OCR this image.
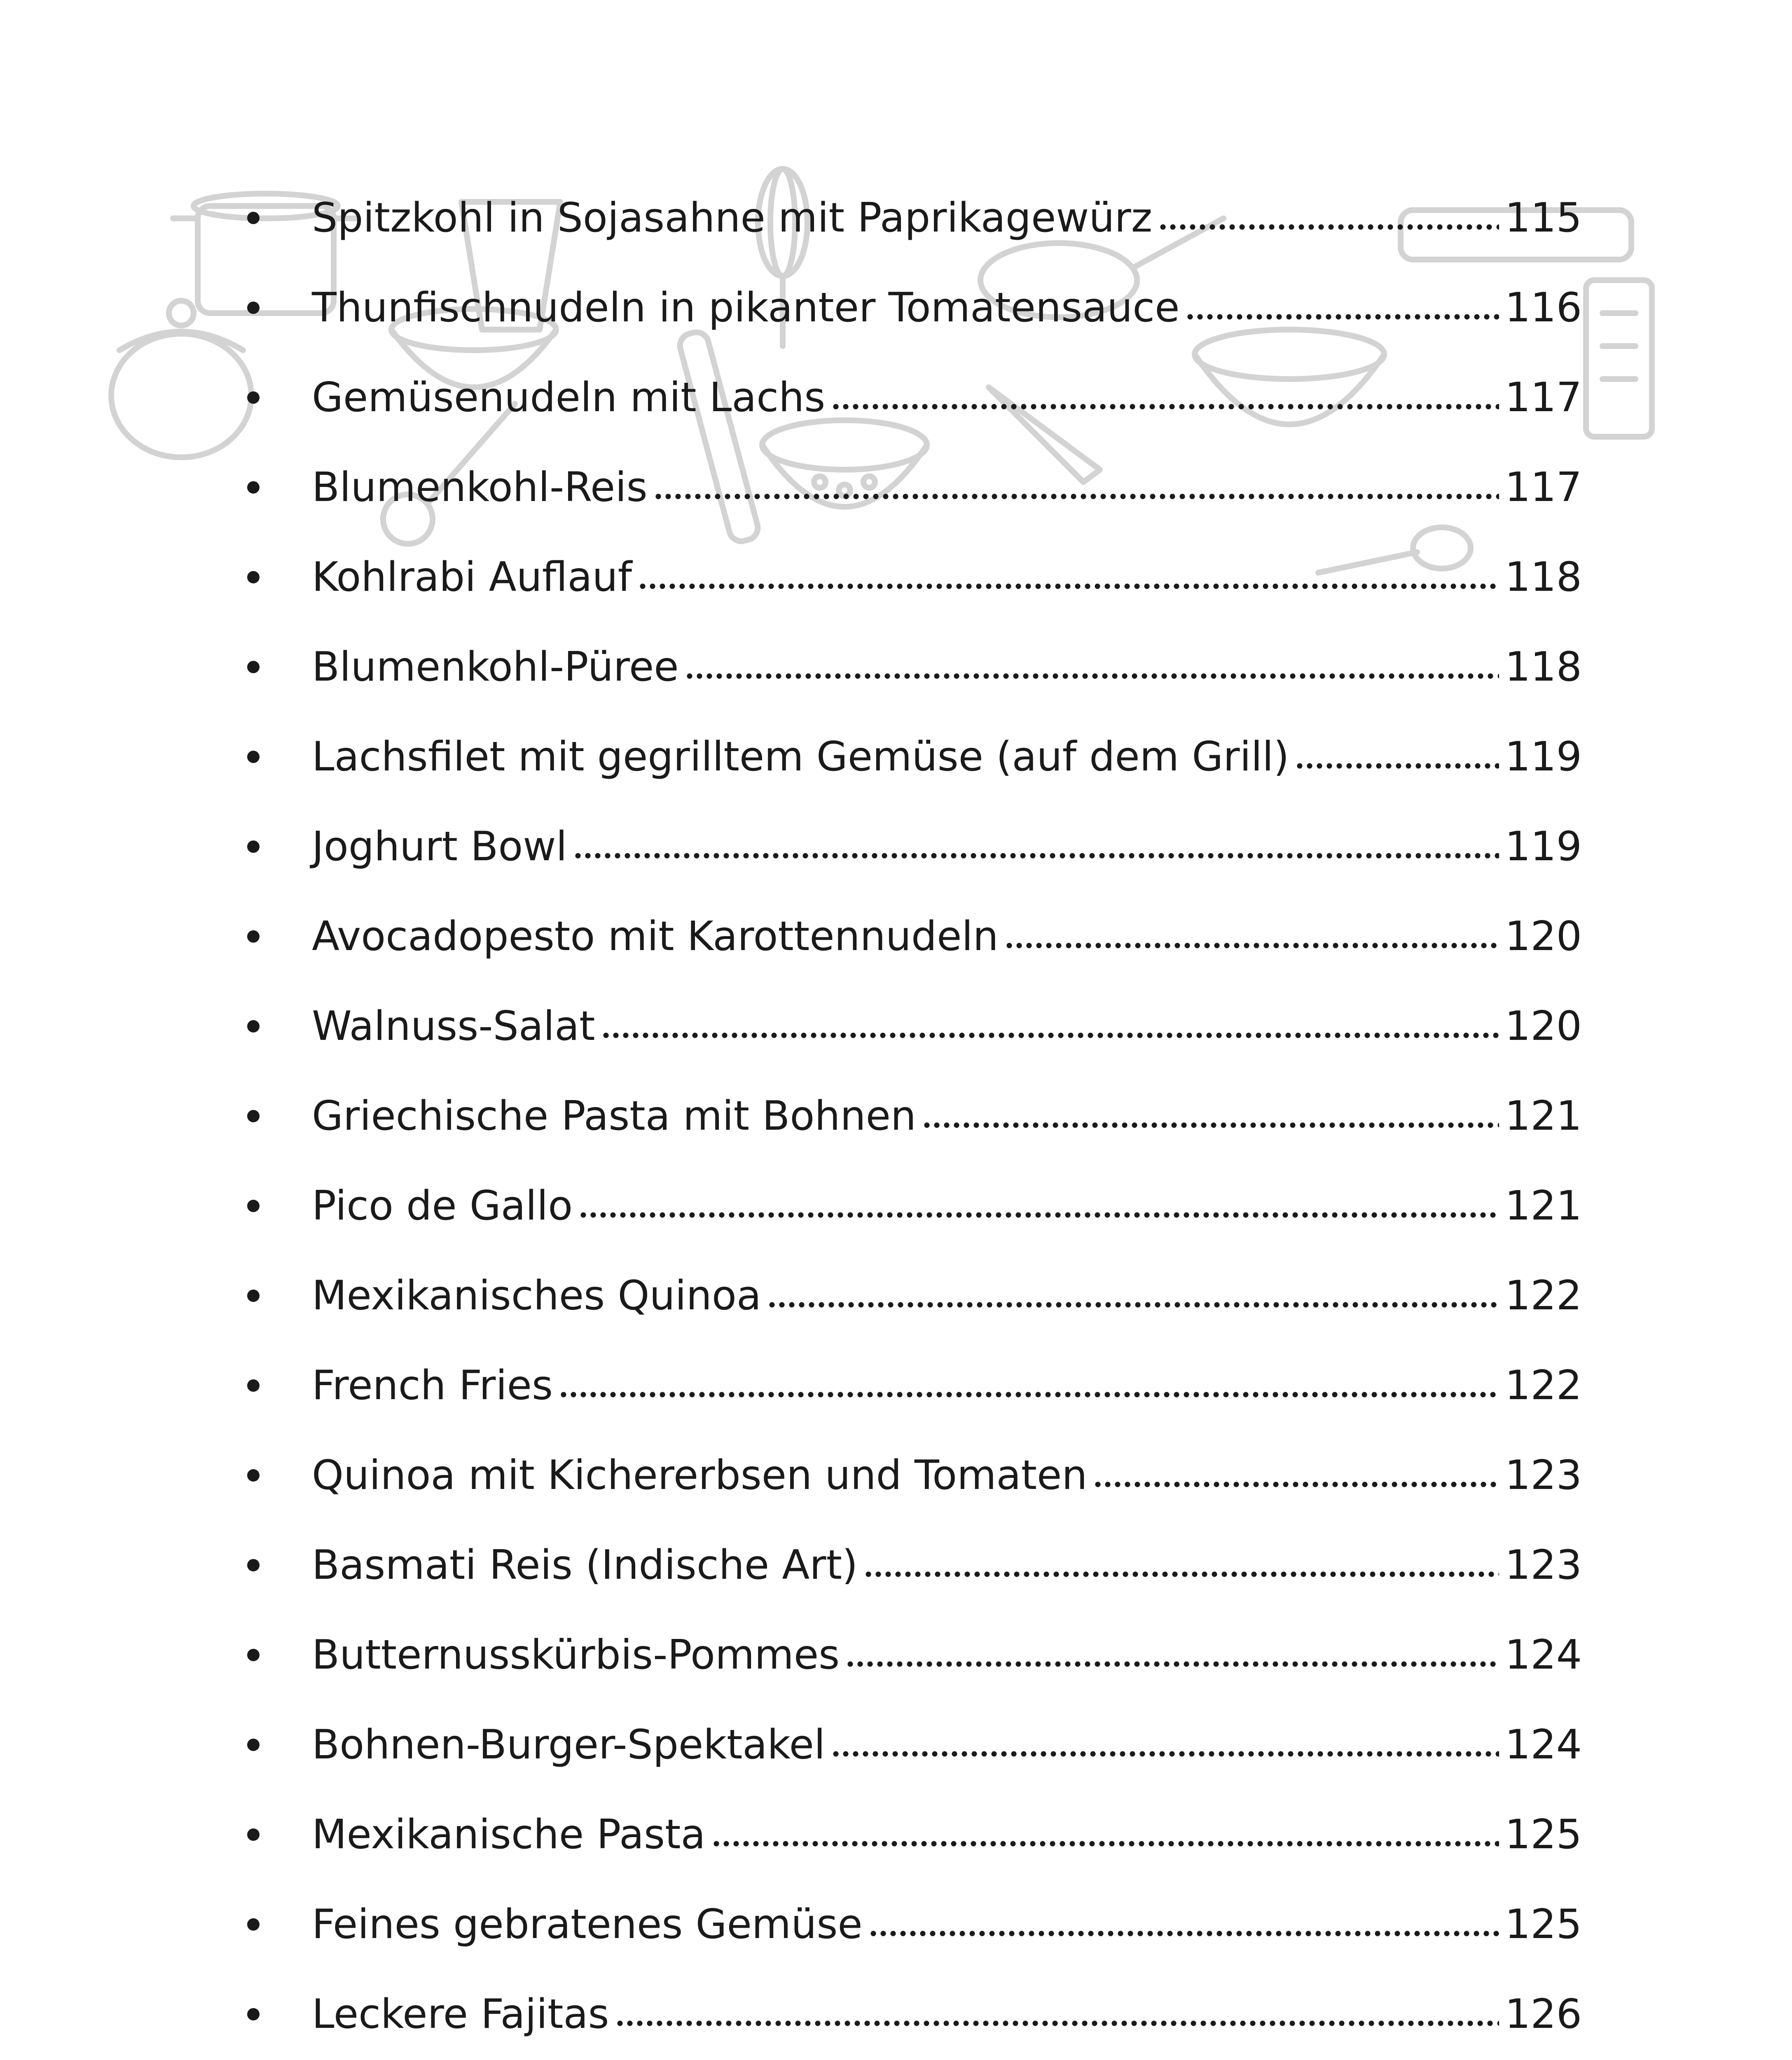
Spitzkohl in Sojasahne mit Paprikagewürz	115
Thunfischnudeln in pikanter Tomatensauce	116
Gemüsenudeln mit Lachs	117
Blumenkohl-Reis	117
Kohlrabi Auflauf	118
Blumenkohl-Püree	118
Lachsfilet mit gegrilltem Gemüse (auf dem Grill)	119
Joghurt Bowl	119
Avocadopesto mit Karottennudeln	120
Walnuss-Salat	120
Griechische Pasta mit Bohnen	121
Pico de Gallo	121
Mexikanisches Quinoa	122
French Fries	122
Quinoa mit Kichererbsen und Tomaten	123
Basmati Reis (Indische Art)	123
Butternusskürbis-Pommes	124
Bohnen-Burger-Spektakel	124
Mexikanische Pasta	125
Feines gebratenes Gemüse	125
Leckere Fajitas	126
